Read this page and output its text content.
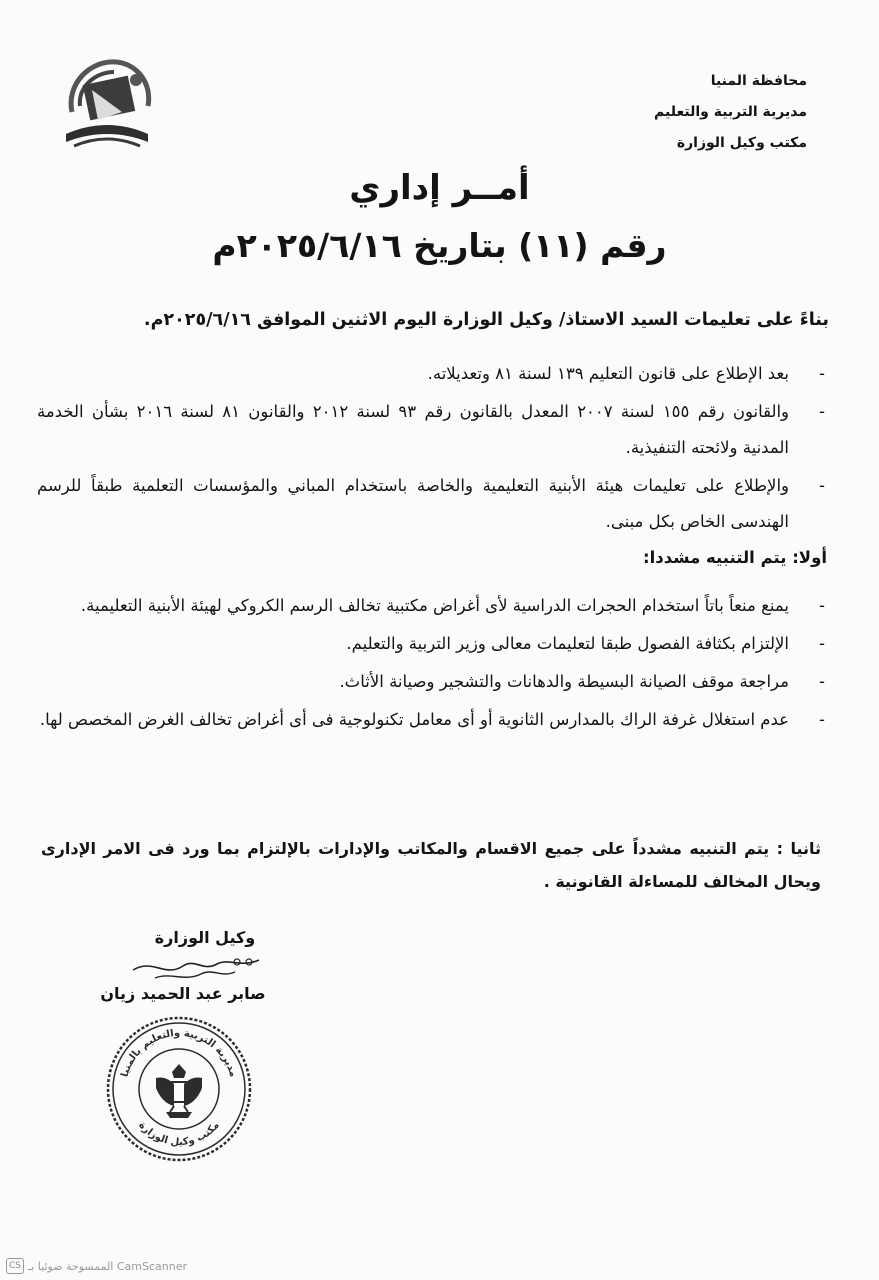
محافظة المنيا
مديرية التربية والتعليم
مكتب وكيل الوزارة
أمــر إداري
رقم (١١) بتاريخ ٢٠٢٥/٦/١٦م
بناءً على تعليمات السيد الاستاذ/ وكيل الوزارة اليوم الاثنين الموافق ٢٠٢٥/٦/١٦م.
-
بعد الإطلاع على قانون التعليم ١٣٩ لسنة ٨١ وتعديلاته.
-
والقانون رقم ١٥٥ لسنة ٢٠٠٧ المعدل بالقانون رقم ٩٣ لسنة ٢٠١٢ والقانون ٨١ لسنة ٢٠١٦ بشأن الخدمة المدنية ولائحته التنفيذية.
-
والإطلاع على تعليمات هيئة الأبنية التعليمية والخاصة باستخدام المباني والمؤسسات التعلمية طبقاً للرسم الهندسى الخاص بكل مبنى.
أولا: يتم التنبيه مشددا:
-
يمنع منعاً باتاً استخدام الحجرات الدراسية لأى أغراض مكتبية تخالف الرسم الكروكي لهيئة الأبنية التعليمية.
-
الإلتزام بكثافة الفصول طبقا لتعليمات معالى وزير التربية والتعليم.
-
مراجعة موقف الصيانة البسيطة والدهانات والتشجير وصيانة الأثاث.
-
عدم استغلال غرفة الراك بالمدارس الثانوية أو أى معامل تكنولوجية فى أى أغراض تخالف الغرض المخصص لها.
ثانيا : يتم التنبيه مشدداً على جميع الاقسام والمكاتب والإدارات بالإلتزام بما ورد فى الامر الإدارى ويحال المخالف للمساءلة القانونية .
وكيل الوزارة
صابر عبد الحميد زيان
مديرية التربية والتعليم بالمنيا
مكتب وكيل الوزارة
CS الممسوحة ضوئيا بـ CamScanner
